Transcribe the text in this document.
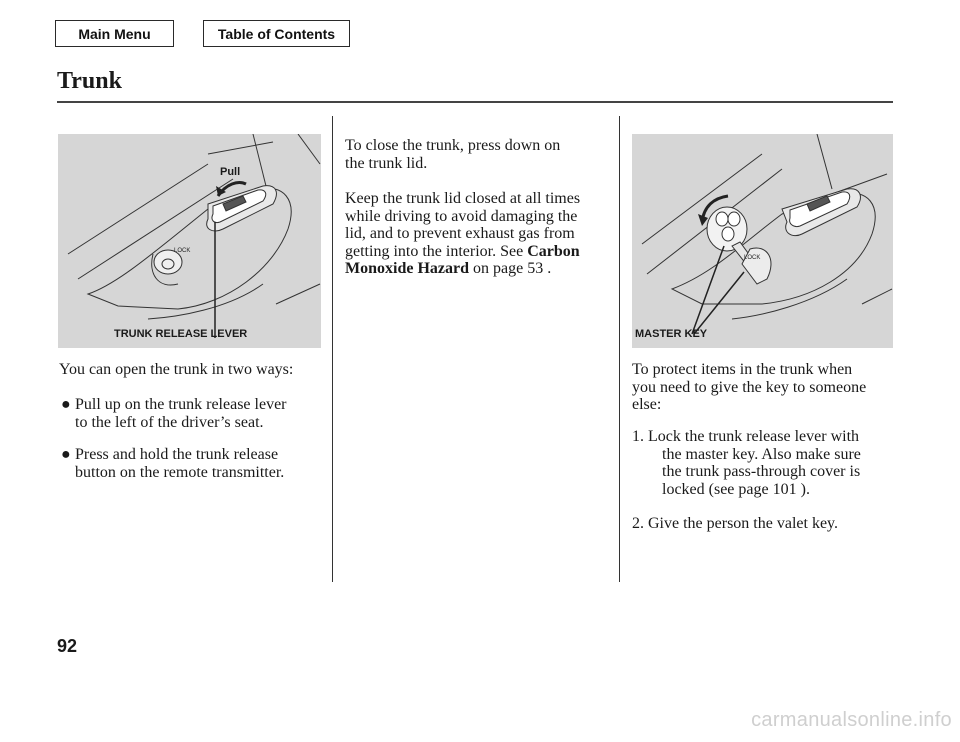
Main Menu	Table of Contents
Trunk
LOCK
Pull
TRUNK RELEASE LEVER
LOCK
MASTER KEY

You can open the trunk in two ways:

● Pull up on the trunk release lever
to the left of the driver’s seat.
● Press and hold the trunk release
button on the remote transmitter.
To close the trunk, press down on
the trunk lid.
Keep the trunk lid closed at all times
while driving to avoid damaging the
lid, and to prevent exhaust gas from
getting into the interior. See Carbon
Monoxide Hazard on page 53 .
To protect items in the trunk when
you need to give the key to someone
else:
1. Lock the trunk release lever with
the master key. Also make sure
the trunk pass-through cover is
locked (see page 101 ).
2. Give the person the valet key.
92
carmanualsonline.info
